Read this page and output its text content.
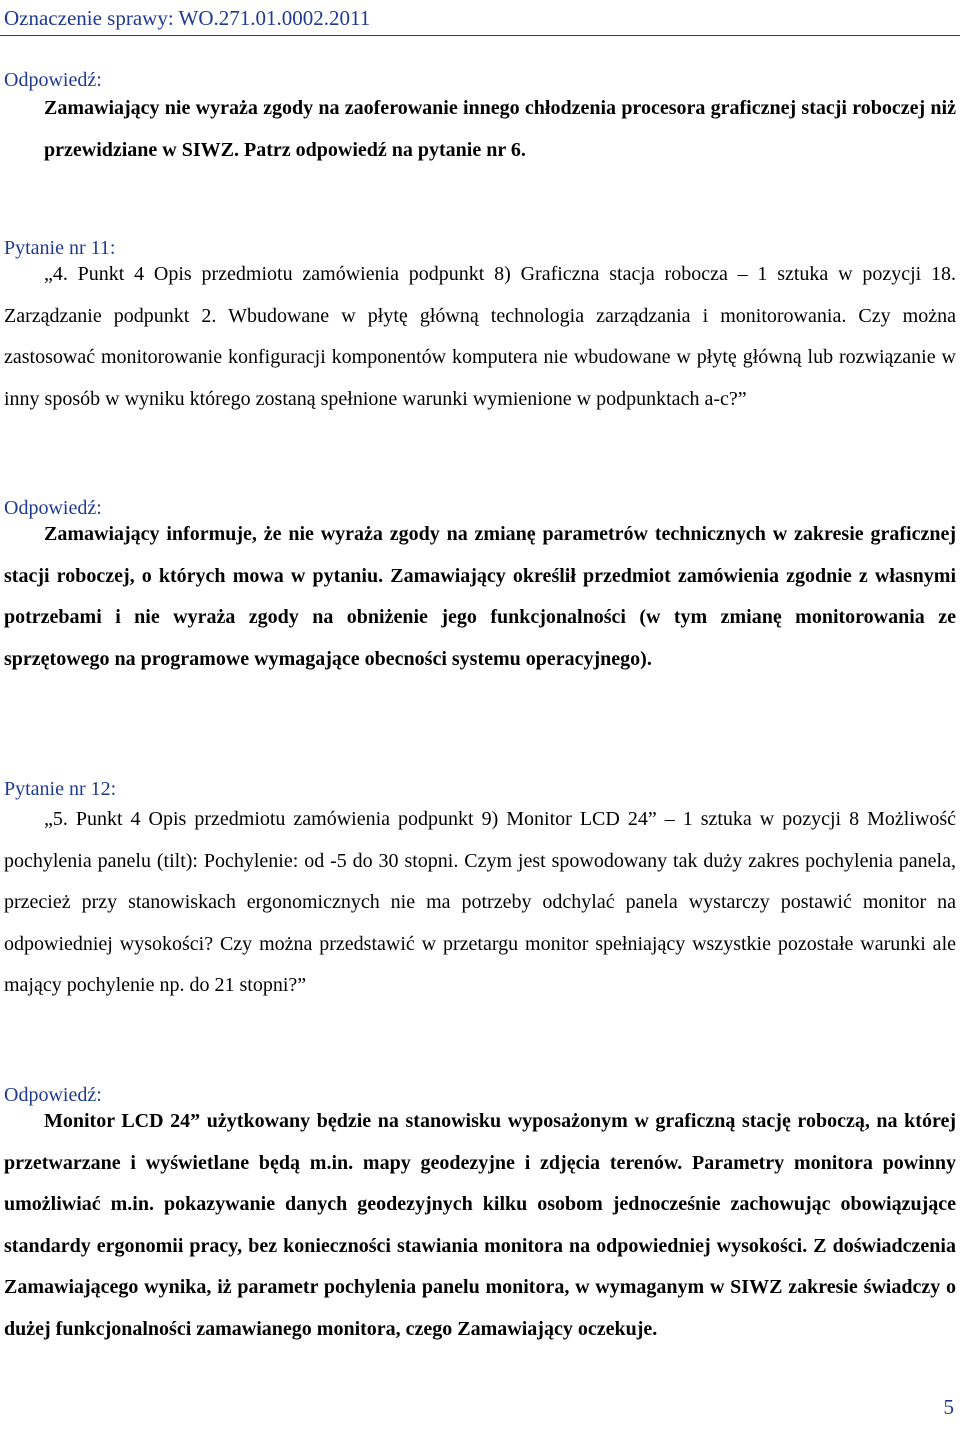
Oznaczenie sprawy: WO.271.01.0002.2011
Odpowiedź:
Zamawiający nie wyraża zgody na zaoferowanie innego chłodzenia procesora graficznej stacji roboczej niż przewidziane w SIWZ. Patrz odpowiedź na pytanie nr 6.
Pytanie nr 11:
„4. Punkt 4 Opis przedmiotu zamówienia podpunkt 8) Graficzna stacja robocza – 1 sztuka w pozycji 18. Zarządzanie podpunkt 2. Wbudowane w płytę główną technologia zarządzania i monitorowania. Czy można zastosować monitorowanie konfiguracji komponentów komputera nie wbudowane w płytę główną lub rozwiązanie w inny sposób w wyniku którego zostaną spełnione warunki wymienione w podpunktach a-c?”
Odpowiedź:
Zamawiający informuje, że nie wyraża zgody na zmianę parametrów technicznych w zakresie graficznej stacji roboczej, o których mowa w pytaniu. Zamawiający określił przedmiot zamówienia zgodnie z własnymi potrzebami i nie wyraża zgody na obniżenie jego funkcjonalności (w tym zmianę monitorowania ze sprzętowego na programowe wymagające obecności systemu operacyjnego).
Pytanie nr 12:
„5. Punkt 4 Opis przedmiotu zamówienia podpunkt 9) Monitor LCD 24” – 1 sztuka w pozycji 8 Możliwość pochylenia panelu (tilt): Pochylenie: od -5 do 30 stopni. Czym jest spowodowany tak duży zakres pochylenia panela, przecież przy stanowiskach ergonomicznych nie ma potrzeby odchylać panela wystarczy postawić monitor na odpowiedniej wysokości? Czy można przedstawić w przetargu monitor spełniający wszystkie pozostałe warunki ale mający pochylenie np. do 21 stopni?”
Odpowiedź:
Monitor LCD 24” użytkowany będzie na stanowisku wyposażonym w graficzną stację roboczą, na której przetwarzane i wyświetlane będą m.in. mapy geodezyjne i zdjęcia terenów. Parametry monitora powinny umożliwiać m.in. pokazywanie danych geodezyjnych kilku osobom jednocześnie zachowując obowiązujące standardy ergonomii pracy, bez konieczności stawiania monitora na odpowiedniej wysokości. Z doświadczenia Zamawiającego wynika, iż parametr pochylenia panelu monitora, w wymaganym w SIWZ zakresie świadczy o dużej funkcjonalności zamawianego monitora, czego Zamawiający oczekuje.
5
